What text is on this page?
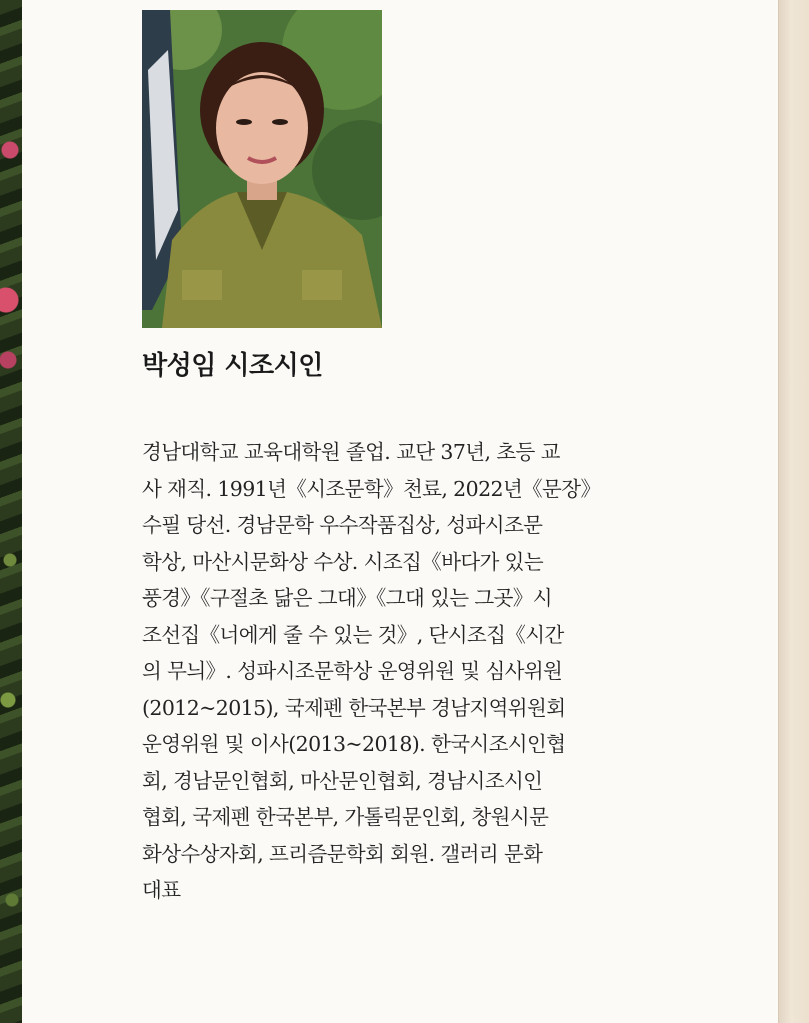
박성임 시조시인
경남대학교 교육대학원 졸업. 교단 37년, 초등 교
사 재직. 1991년《시조문학》천료, 2022년《문장》
수필 당선. 경남문학 우수작품집상, 성파시조문
학상, 마산시문화상 수상. 시조집《바다가 있는
풍경》《구절초 닮은 그대》《그대 있는 그곳》시
조선집《너에게 줄 수 있는 것》, 단시조집《시간
의 무늬》. 성파시조문학상 운영위원 및 심사위원
(2012~2015), 국제펜 한국본부 경남지역위원회
운영위원 및 이사(2013~2018). 한국시조시인협
회, 경남문인협회, 마산문인협회, 경남시조시인
협회, 국제펜 한국본부, 가톨릭문인회, 창원시문
화상수상자회, 프리즘문학회 회원. 갤러리 문화
대표
